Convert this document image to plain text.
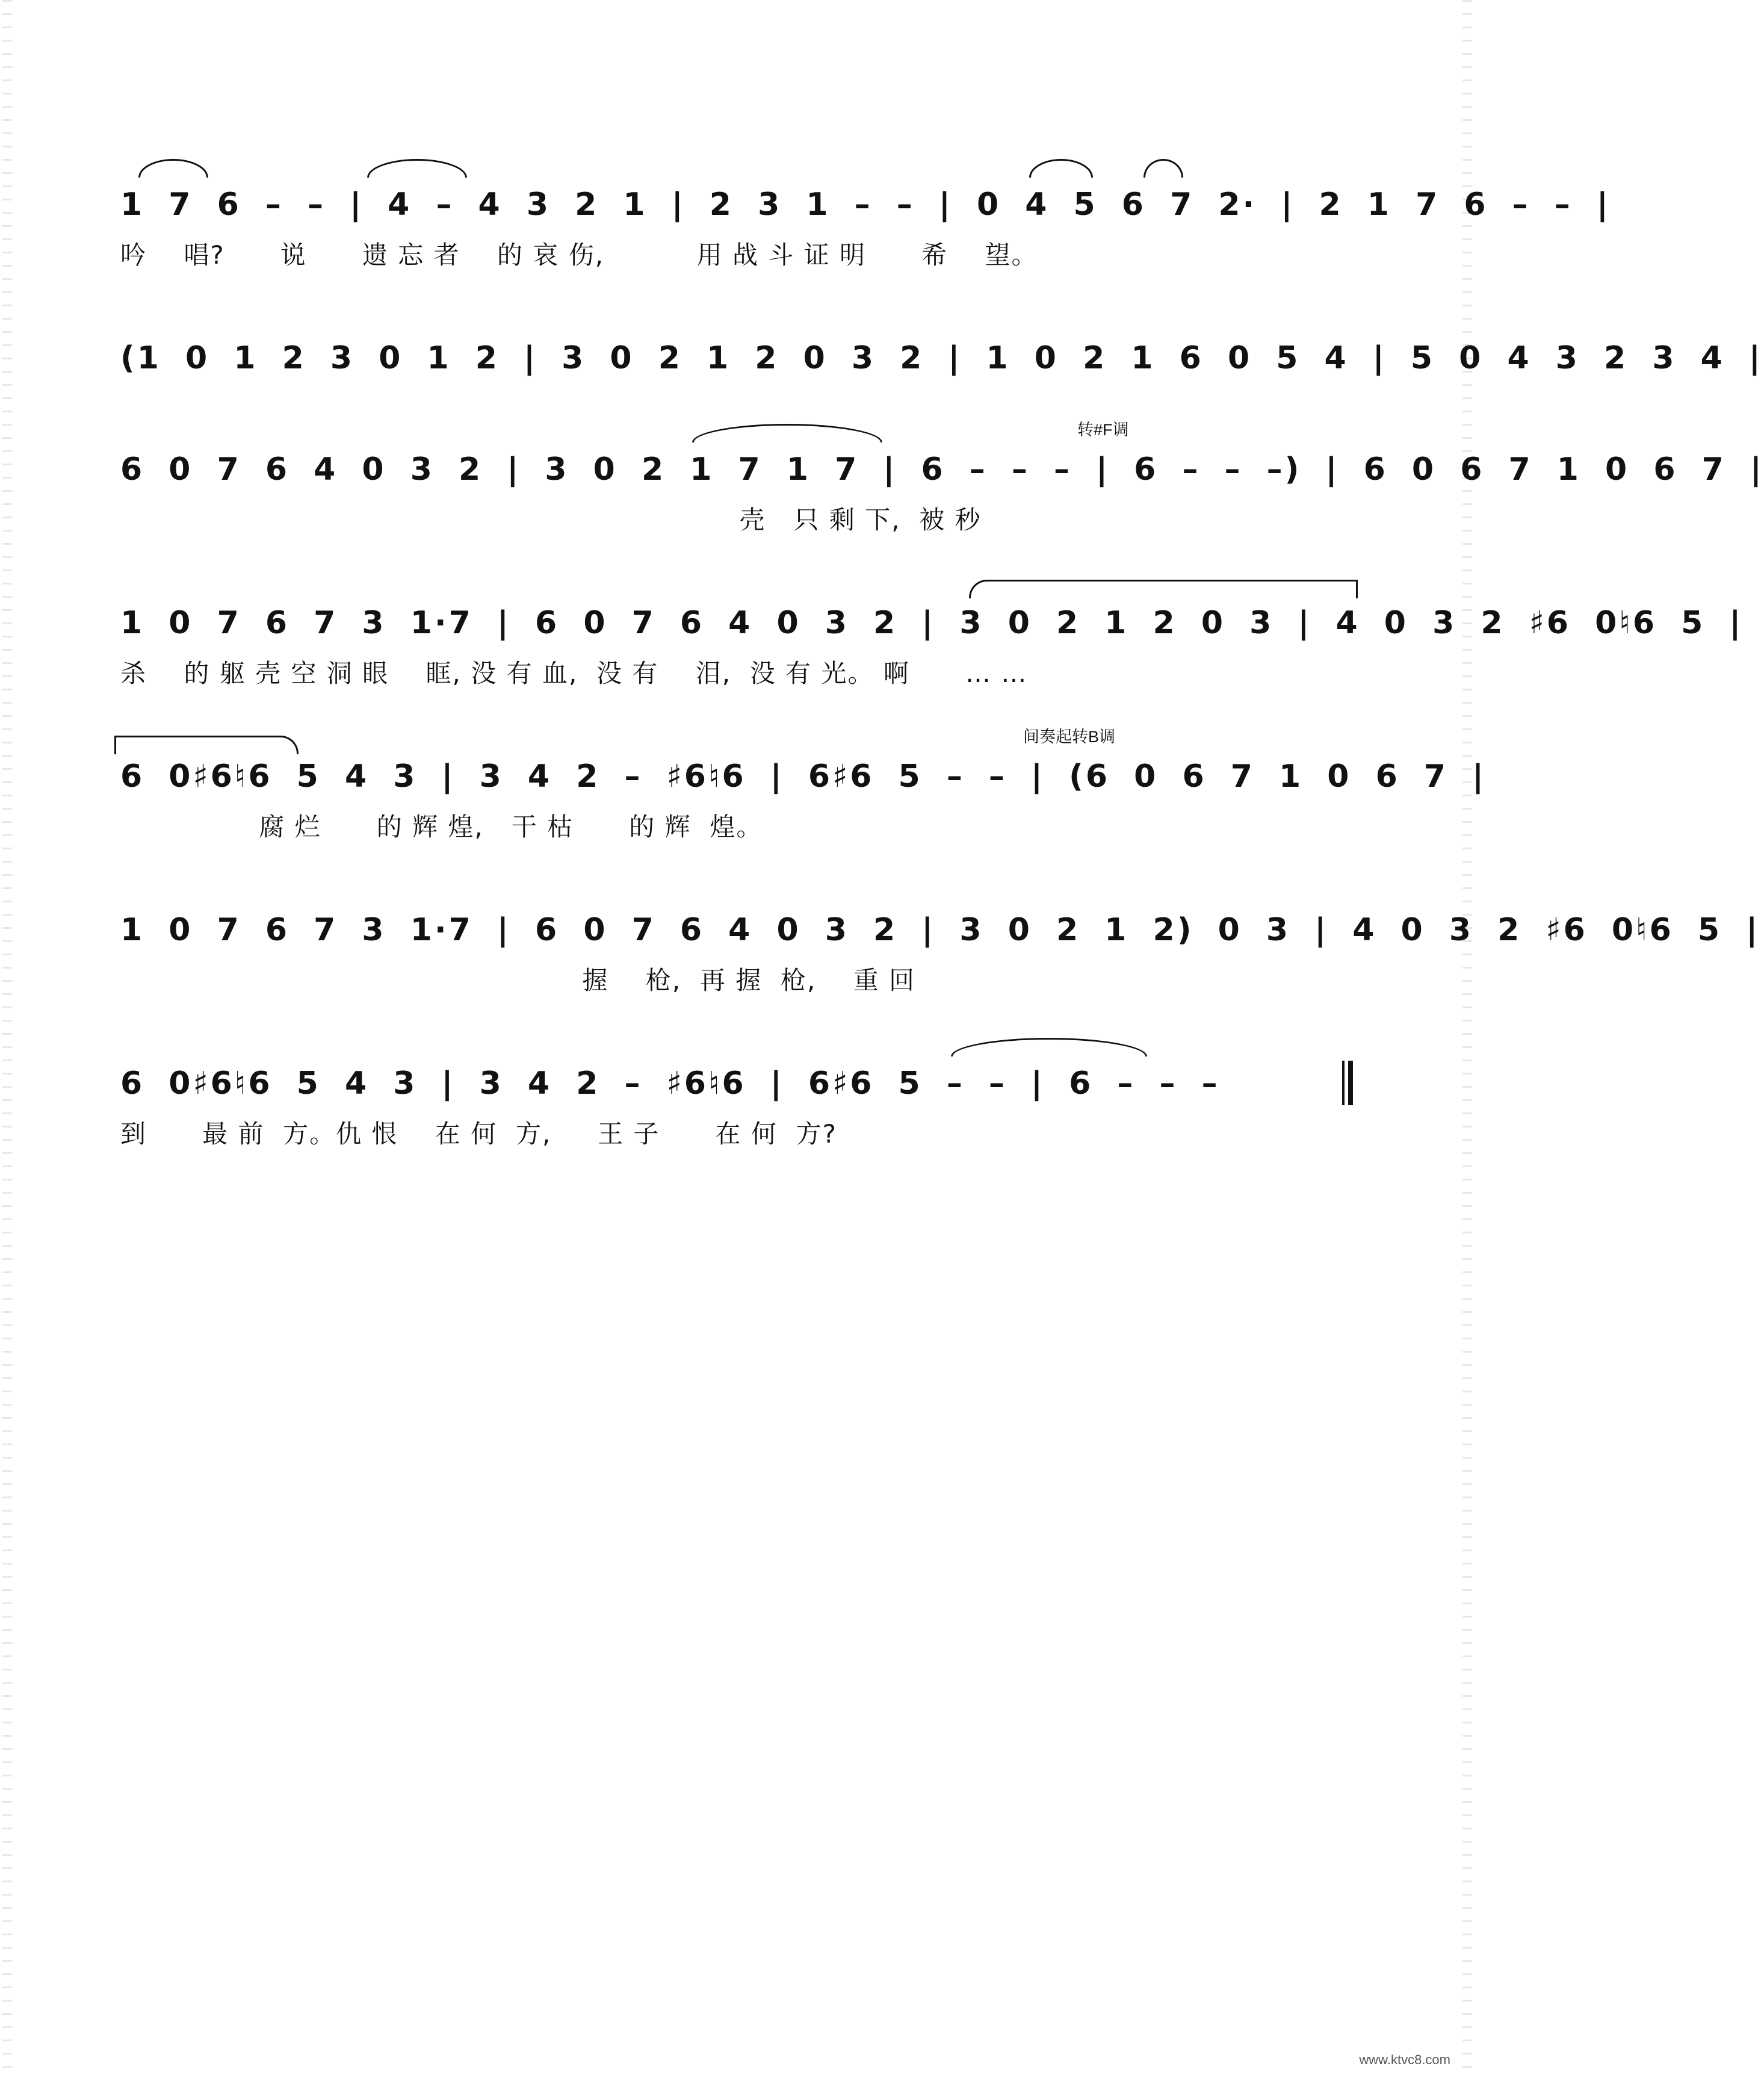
1 7 6 – – | 4 – 4 3 2 1 | 2 3 1 – – | 0 4 5 6 7 2· | 2 1 7 6 – – |
吟    唱?      说      遗 忘 者    的 哀 伤,          用 战 斗 证 明      希    望。
(1 0 1 2 3 0 1 2 | 3 0 2 1 2 0 3 2 | 1 0 2 1 6 0 5 4 | 5 0 4 3 2 3 4 |
6 0 7 6 4 0 3 2 | 3 0 2 1 7 1 7 | 6 – – – | 6 – – –) | 6 0 6 7 1 0 6 7 |
转#F调
壳   只 剩 下,  被 秒
1 0 7 6 7 3 1·7 | 6 0 7 6 4 0 3 2 | 3 0 2 1 2 0 3 | 4 0 3 2 ♯6 0♮6 5 |
杀    的 躯 壳 空 洞 眼    眶, 没 有 血,  没 有    泪,  没 有 光。 啊      … …
6 0♯6♮6 5 4 3 | 3 4 2 – ♯6♮6 | 6♯6 5 – – | (6 0 6 7 1 0 6 7 |
间奏起转B调
腐 烂      的 辉 煌,   干 枯      的 辉  煌。
1 0 7 6 7 3 1·7 | 6 0 7 6 4 0 3 2 | 3 0 2 1 2) 0 3 | 4 0 3 2 ♯6 0♮6 5 |
握    枪,  再 握  枪,    重 回
6 0♯6♮6 5 4 3 | 3 4 2 – ♯6♮6 | 6♯6 5 – – | 6 – – –
到      最 前  方。仇 恨    在 何  方,     王 子      在 何  方?
www.ktvc8.com
